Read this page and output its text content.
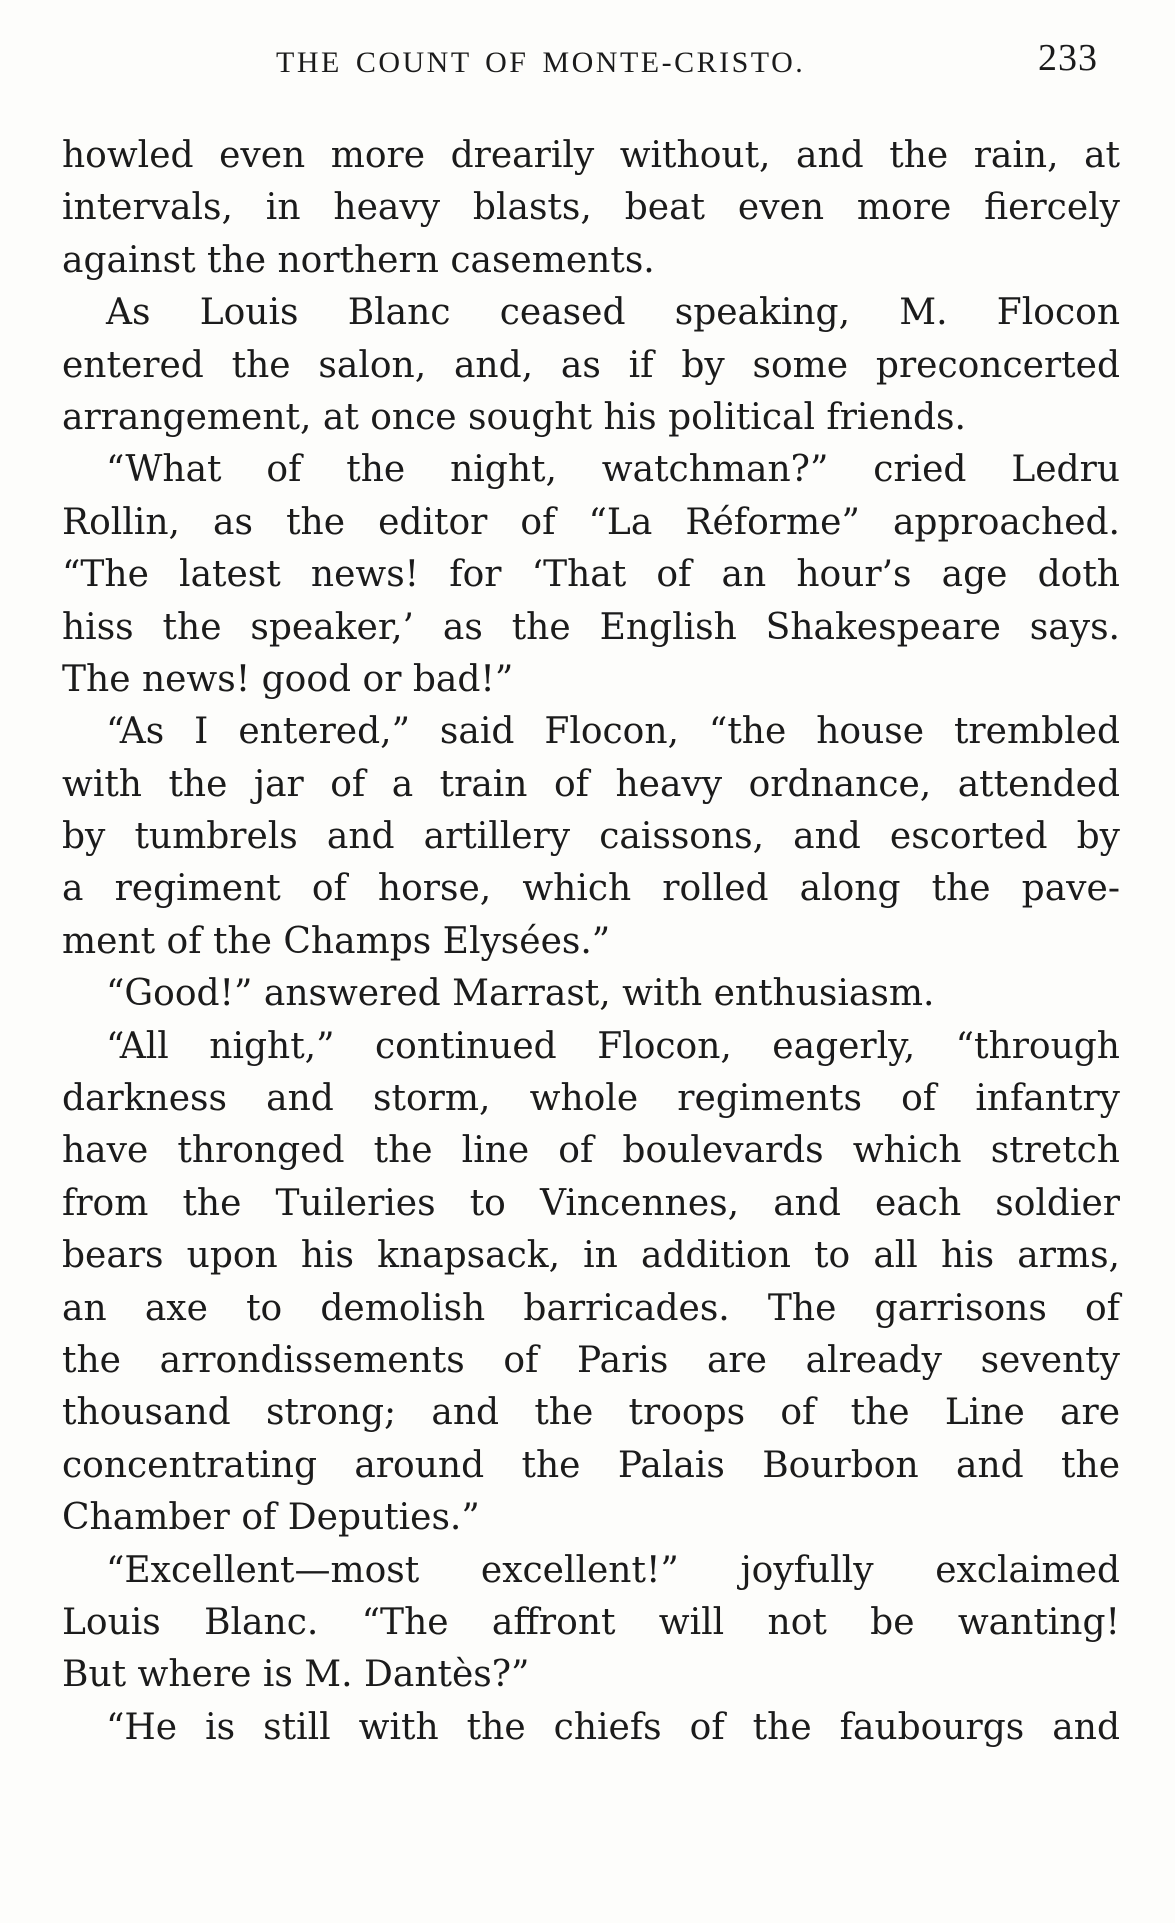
THE COUNT OF MONTE-CRISTO.	233
howled even more drearily without, and the rain, at
intervals, in heavy blasts, beat even more fiercely
against the northern casements.
As Louis Blanc ceased speaking, M. Flocon
entered the salon, and, as if by some preconcerted
arrangement, at once sought his political friends.
“What of the night, watchman?” cried Ledru
Rollin, as the editor of “La Réforme” approached.
“The latest news! for ‘That of an hour’s age doth
hiss the speaker,’ as the English Shakespeare says.
The news! good or bad!”
“As I entered,” said Flocon, “the house trembled
with the jar of a train of heavy ordnance, attended
by tumbrels and artillery caissons, and escorted by
a regiment of horse, which rolled along the pave-
ment of the Champs Elysées.”
“Good!” answered Marrast, with enthusiasm.
“All night,” continued Flocon, eagerly, “through
darkness and storm, whole regiments of infantry
have thronged the line of boulevards which stretch
from the Tuileries to Vincennes, and each soldier
bears upon his knapsack, in addition to all his arms,
an axe to demolish barricades. The garrisons of
the arrondissements of Paris are already seventy
thousand strong; and the troops of the Line are
concentrating around the Palais Bourbon and the
Chamber of Deputies.”
“Excellent—most excellent!” joyfully exclaimed
Louis Blanc. “The affront will not be wanting!
But where is M. Dantès?”
“He is still with the chiefs of the faubourgs and
